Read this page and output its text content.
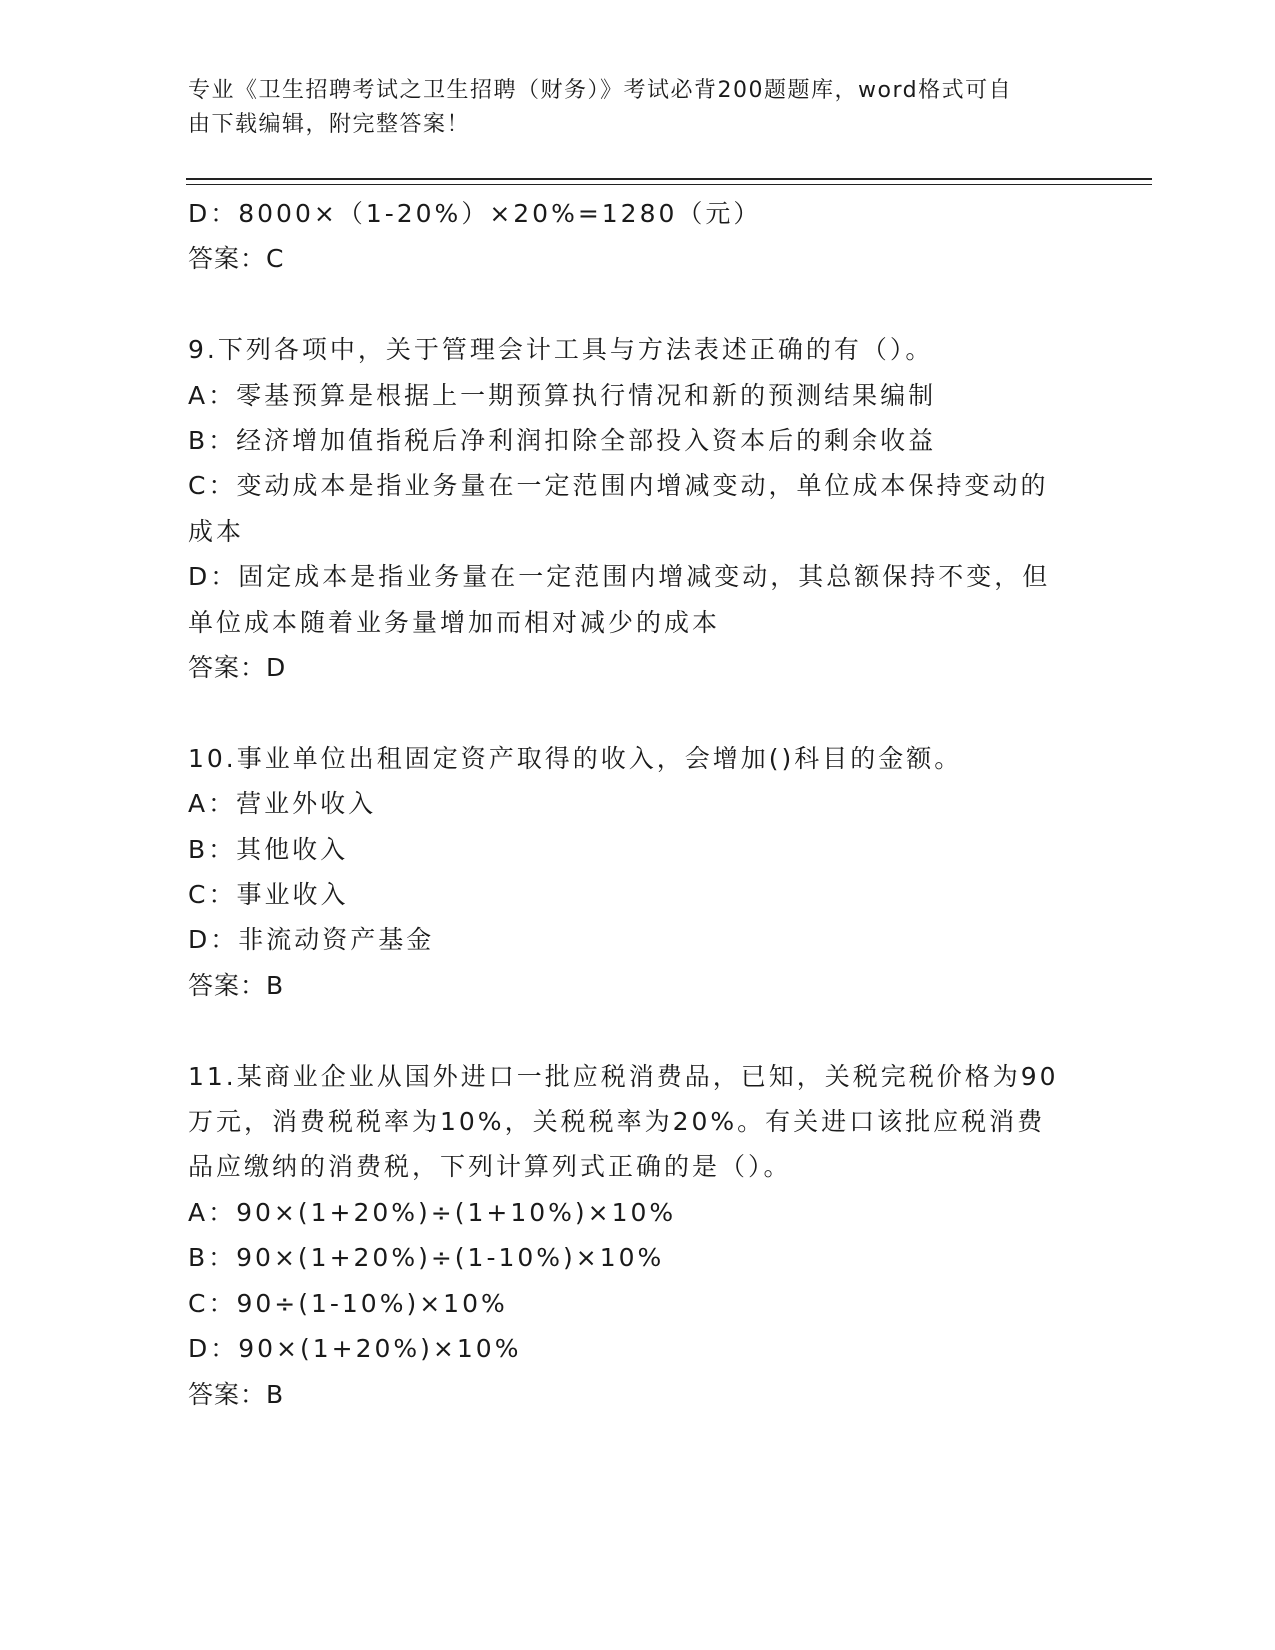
专业《卫生招聘考试之卫生招聘（财务）》考试必背200题题库，word格式可自
由下载编辑，附完整答案！
D：8000×（1-20%）×20%=1280（元）
答案：C
9.下列各项中，关于管理会计工具与方法表述正确的有（）。
A：零基预算是根据上一期预算执行情况和新的预测结果编制
B：经济增加值指税后净利润扣除全部投入资本后的剩余收益
C：变动成本是指业务量在一定范围内增减变动，单位成本保持变动的
成本
D：固定成本是指业务量在一定范围内增减变动，其总额保持不变，但
单位成本随着业务量增加而相对减少的成本
答案：D
10.事业单位出租固定资产取得的收入，会增加()科目的金额。
A：营业外收入
B：其他收入
C：事业收入
D：非流动资产基金
答案：B
11.某商业企业从国外进口一批应税消费品，已知，关税完税价格为90
万元，消费税税率为10%，关税税率为20%。有关进口该批应税消费
品应缴纳的消费税，下列计算列式正确的是（）。
A：90×(1+20%)÷(1+10%)×10%
B：90×(1+20%)÷(1-10%)×10%
C：90÷(1-10%)×10%
D：90×(1+20%)×10%
答案：B
